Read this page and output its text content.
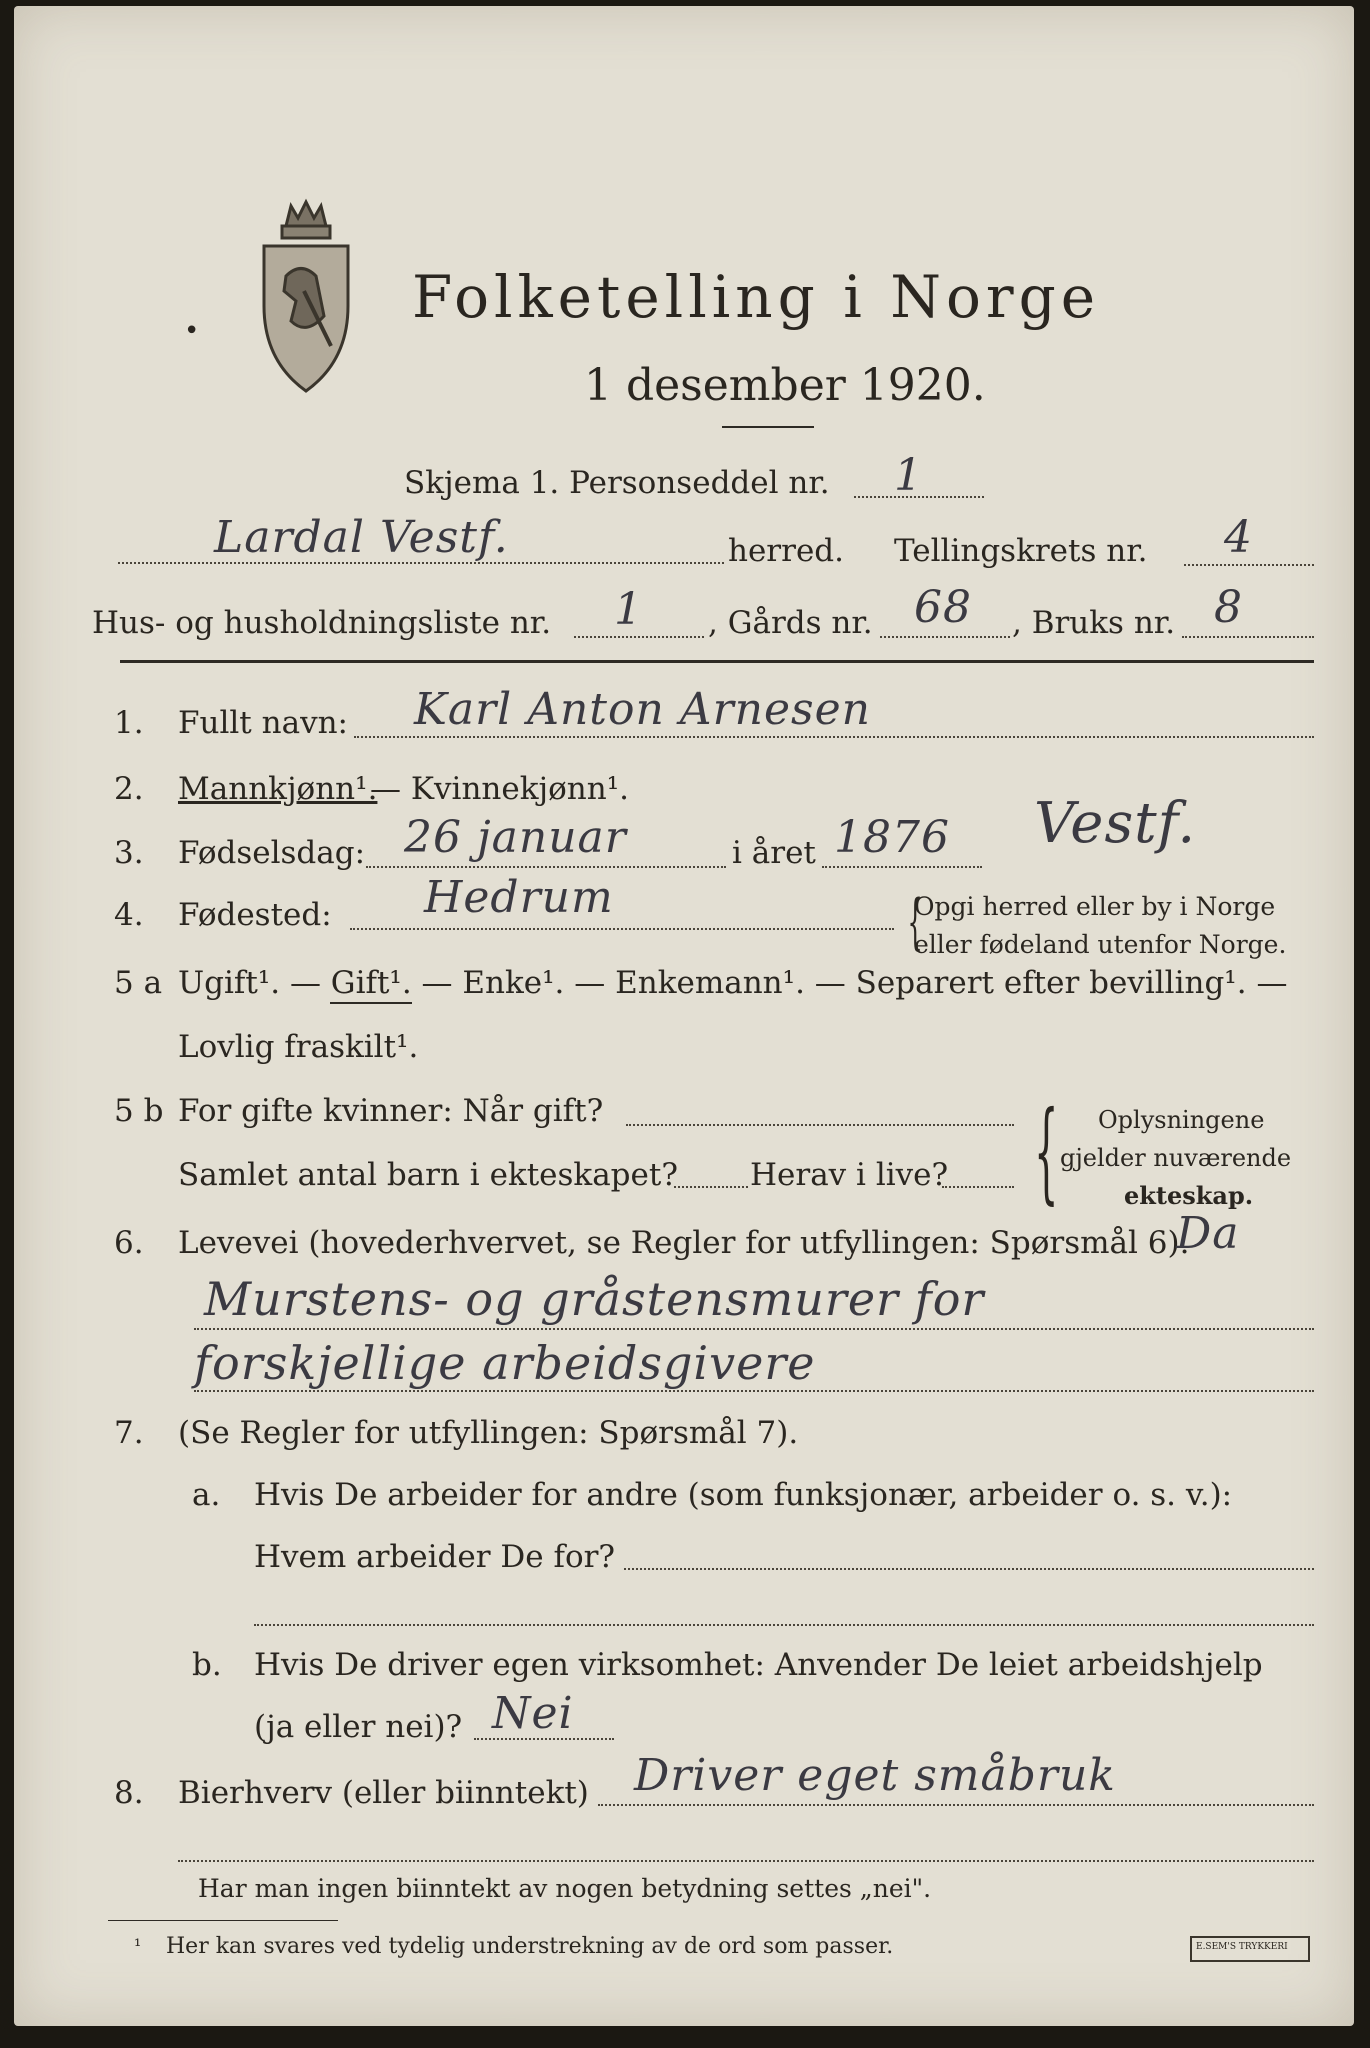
•	Folketelling i Norge
1 desember 1920.
Skjema 1. Personseddel nr. 1
Lardal Vestf.	herred. Tellingskrets nr. 4
Hus- og husholdningsliste nr. 1 , Gårds nr. 68 , Bruks nr. 8
1. Fullt navn: Karl Anton Arnesen
2. Mannkjønn¹.
— Kvinnekjønn¹.
3. Fødselsdag: 26 januar	i året 1876 Vestf.
4. Fødested: Hedrum	Opgi herred eller by i Norge
eller fødeland utenfor Norge.
{
5 a Ugift¹. — Gift¹. — Enke¹. — Enkemann¹. — Separert efter bevilling¹. —
Lovlig fraskilt¹.
5 b For gifte kvinner: Når gift?
Samlet antal barn i ekteskapet? Herav i live? { Oplysningene
gjelder nuværende
ekteskap.
6. Levevei (hovederhvervet, se Regler for utfyllingen: Spørsmål 6).
Da
Murstens- og gråstensmurer for
forskjellige arbeidsgivere
7. (Se Regler for utfyllingen: Spørsmål 7).
a. Hvis De arbeider for andre (som funksjonær, arbeider o. s. v.):
Hvem arbeider De for?
b. Hvis De driver egen virksomhet: Anvender De leiet arbeidshjelp
(ja eller nei)? Nei
8. Bierhverv (eller biinntekt) Driver eget småbruk
Har man ingen biinntekt av nogen betydning settes „nei".
¹ Her kan svares ved tydelig understrekning av de ord som passer.	E.SEM'S TRYKKERI
